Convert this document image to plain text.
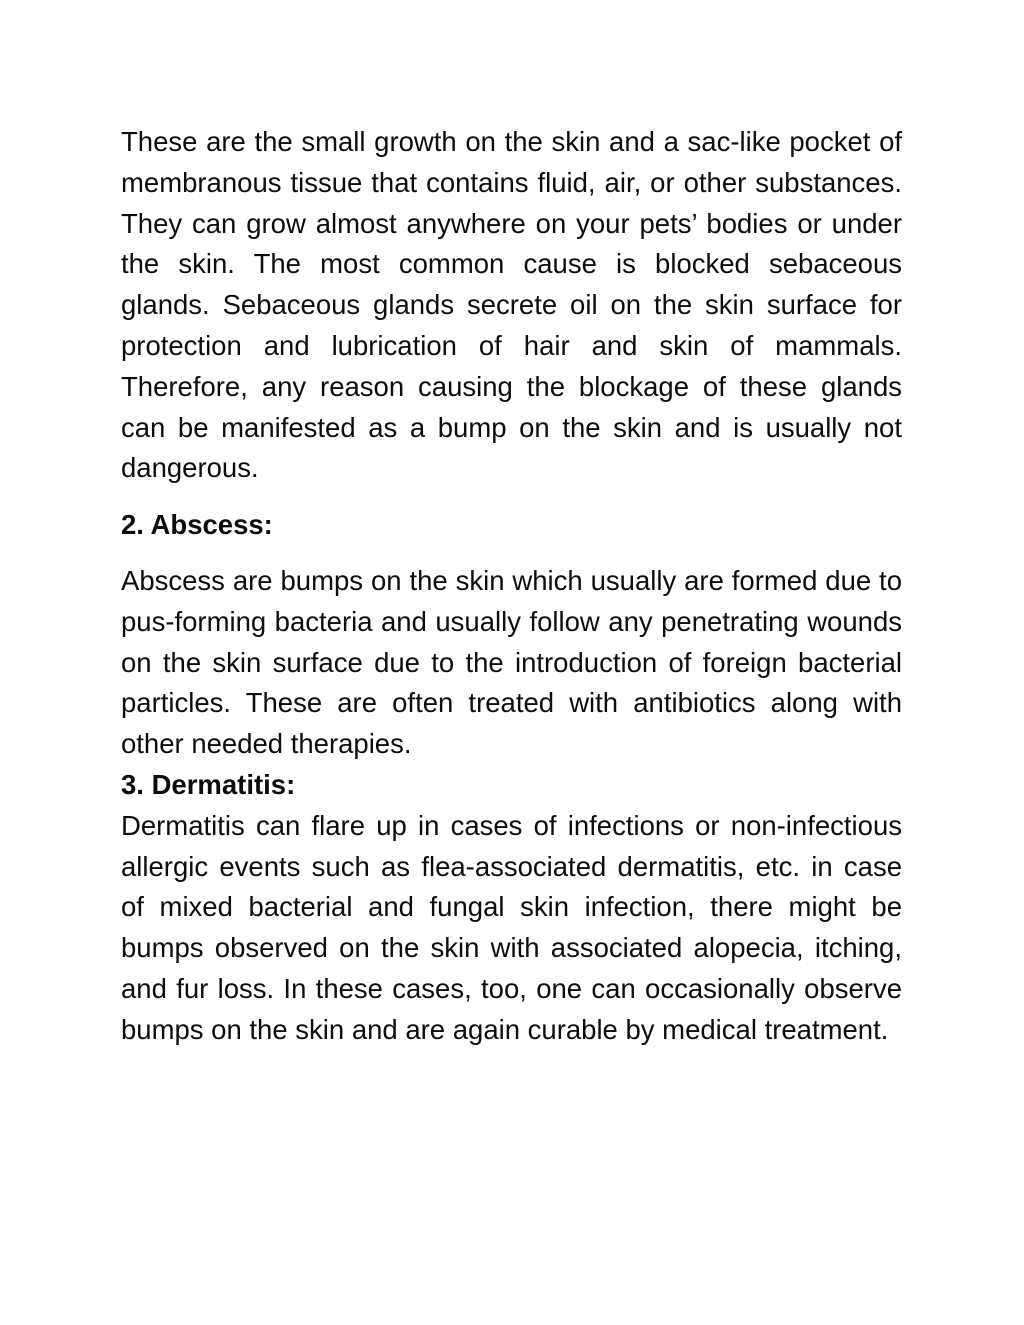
These are the small growth on the skin and a sac-like pocket of membranous tissue that contains fluid, air, or other substances. They can grow almost anywhere on your pets’ bodies or under the skin. The most common cause is blocked sebaceous glands. Sebaceous glands secrete oil on the skin surface for protection and lubrication of hair and skin of mammals. Therefore, any reason causing the blockage of these glands can be manifested as a bump on the skin and is usually not dangerous.

2. Abscess:

Abscess are bumps on the skin which usually are formed due to pus-forming bacteria and usually follow any penetrating wounds on the skin surface due to the introduction of foreign bacterial particles. These are often treated with antibiotics along with other needed therapies.

3. Dermatitis:

Dermatitis can flare up in cases of infections or non-infectious allergic events such as flea-associated dermatitis, etc. in case of mixed bacterial and fungal skin infection, there might be bumps observed on the skin with associated alopecia, itching, and fur loss. In these cases, too, one can occasionally observe bumps on the skin and are again curable by medical treatment.
